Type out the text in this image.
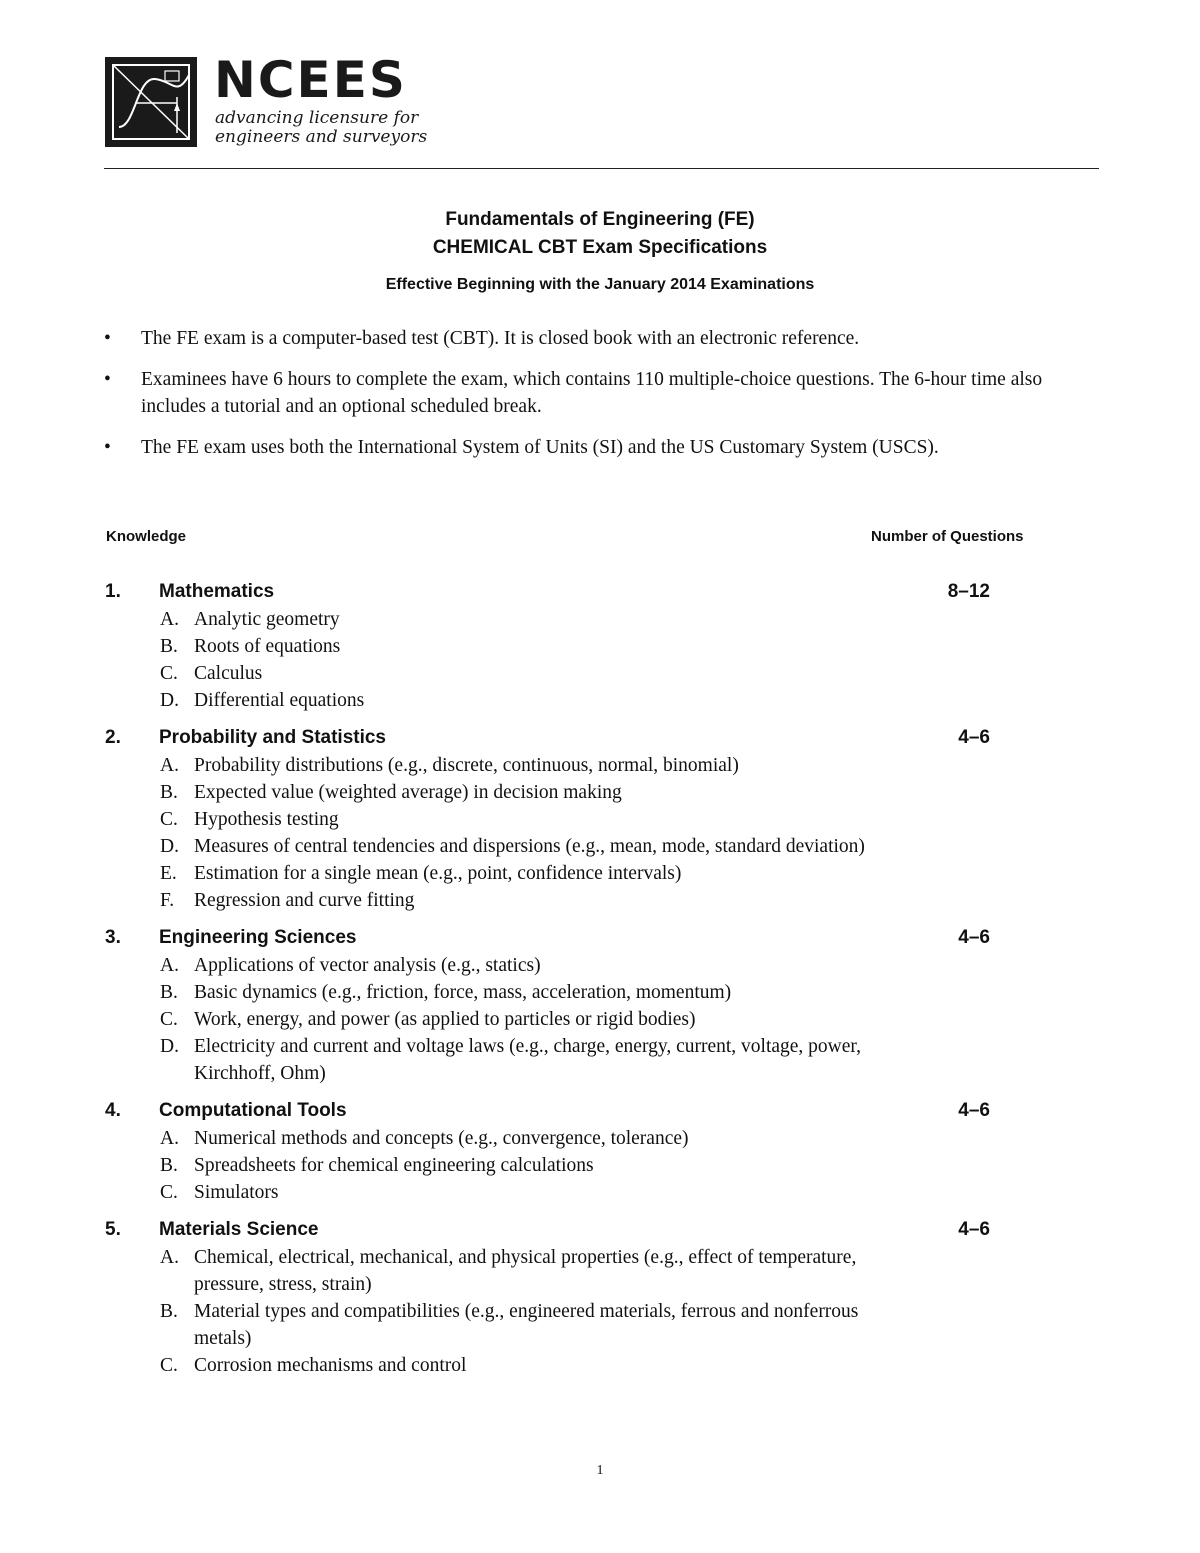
NCEES
advancing licensure for
engineers and surveyors
Fundamentals of Engineering (FE)
CHEMICAL CBT Exam Specifications
Effective Beginning with the January 2014 Examinations
• The FE exam is a computer-based test (CBT). It is closed book with an electronic reference.
• Examinees have 6 hours to complete the exam, which contains 110 multiple-choice questions. The 6-hour time also includes a tutorial and an optional scheduled break.
• The FE exam uses both the International System of Units (SI) and the US Customary System (USCS).
Knowledge	Number of Questions
1. Mathematics	8–12
A. Analytic geometry
B. Roots of equations
C. Calculus
D. Differential equations
2. Probability and Statistics	4–6
A. Probability distributions (e.g., discrete, continuous, normal, binomial)
B. Expected value (weighted average) in decision making
C. Hypothesis testing
D. Measures of central tendencies and dispersions (e.g., mean, mode, standard deviation)
E. Estimation for a single mean (e.g., point, confidence intervals)
F. Regression and curve fitting
3. Engineering Sciences	4–6
A. Applications of vector analysis (e.g., statics)
B. Basic dynamics (e.g., friction, force, mass, acceleration, momentum)
C. Work, energy, and power (as applied to particles or rigid bodies)
D. Electricity and current and voltage laws (e.g., charge, energy, current, voltage, power, Kirchhoff, Ohm)
4. Computational Tools	4–6
A. Numerical methods and concepts (e.g., convergence, tolerance)
B. Spreadsheets for chemical engineering calculations
C. Simulators
5. Materials Science	4–6
A. Chemical, electrical, mechanical, and physical properties (e.g., effect of temperature, pressure, stress, strain)
B. Material types and compatibilities (e.g., engineered materials, ferrous and nonferrous metals)
C. Corrosion mechanisms and control
1
